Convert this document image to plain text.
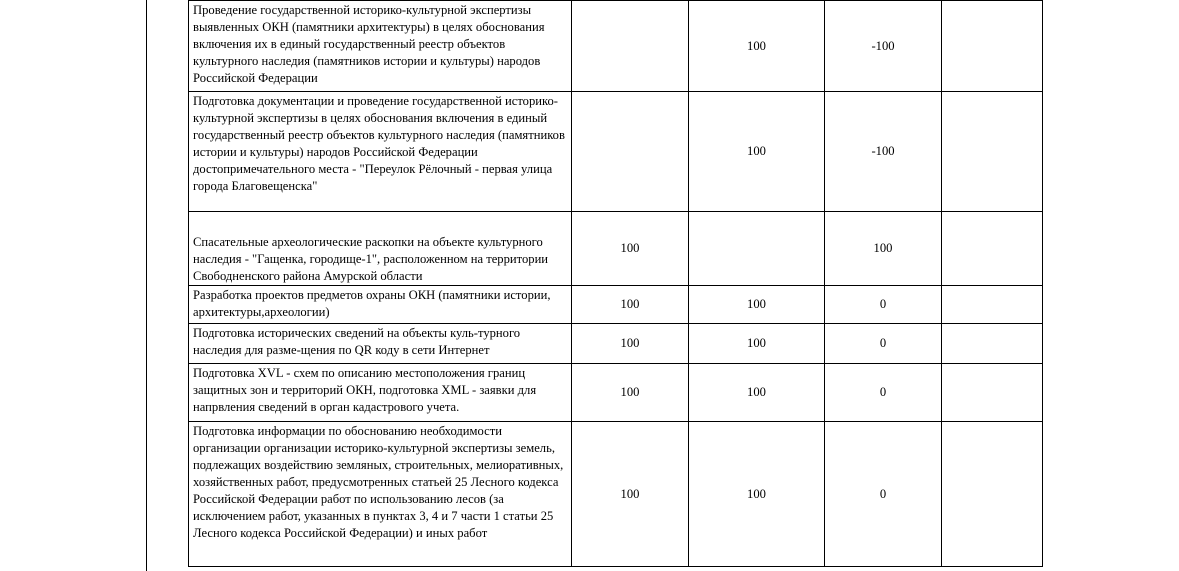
Проведение государственной историко-культурной экспертизы выявленных ОКН (памятники архитектуры) в целях обоснования включения их в единый государственный реестр объектов культурного наследия (памятников истории и культуры) народов Российской Федерации		100	-100	
Подготовка документации и проведение государственной историко-культурной экспертизы в целях обоснования включения в единый государственный реестр объектов культурного наследия (памятников истории и культуры) народов Российской Федерации достопримечательного места - "Переулок Рёлочный - первая улица города Благовещенска"		100	-100	
Спасательные археологические раскопки на объекте культурного наследия - "Гащенка, городище-1", расположенном на территории Свободненского района Амурской области	100		100	
Разработка проектов предметов охраны ОКН (памятники истории, архитектуры,археологии)	100	100	0	
Подготовка исторических сведений на объекты куль-турного наследия для разме-щения по QR коду в сети Интернет	100	100	0	
Подготовка XVL - схем по описанию местоположения границ защитных зон и территорий ОКН, подготовка XML - заявки для напрвления сведений в орган кадастрового учета.	100	100	0	
Подготовка информации по обоснованию необходимости организации организации историко-культурной экспертизы земель, подлежащих воздействию земляных, строительных, мелиоративных, хозяйственных работ, предусмотренных статьей 25 Лесного кодекса Российской Федерации работ по использованию лесов (за исключением работ, указанных в пунктах 3, 4 и 7 части 1 статьи 25 Лесного кодекса Российской Федерации) и иных работ	100	100	0	
